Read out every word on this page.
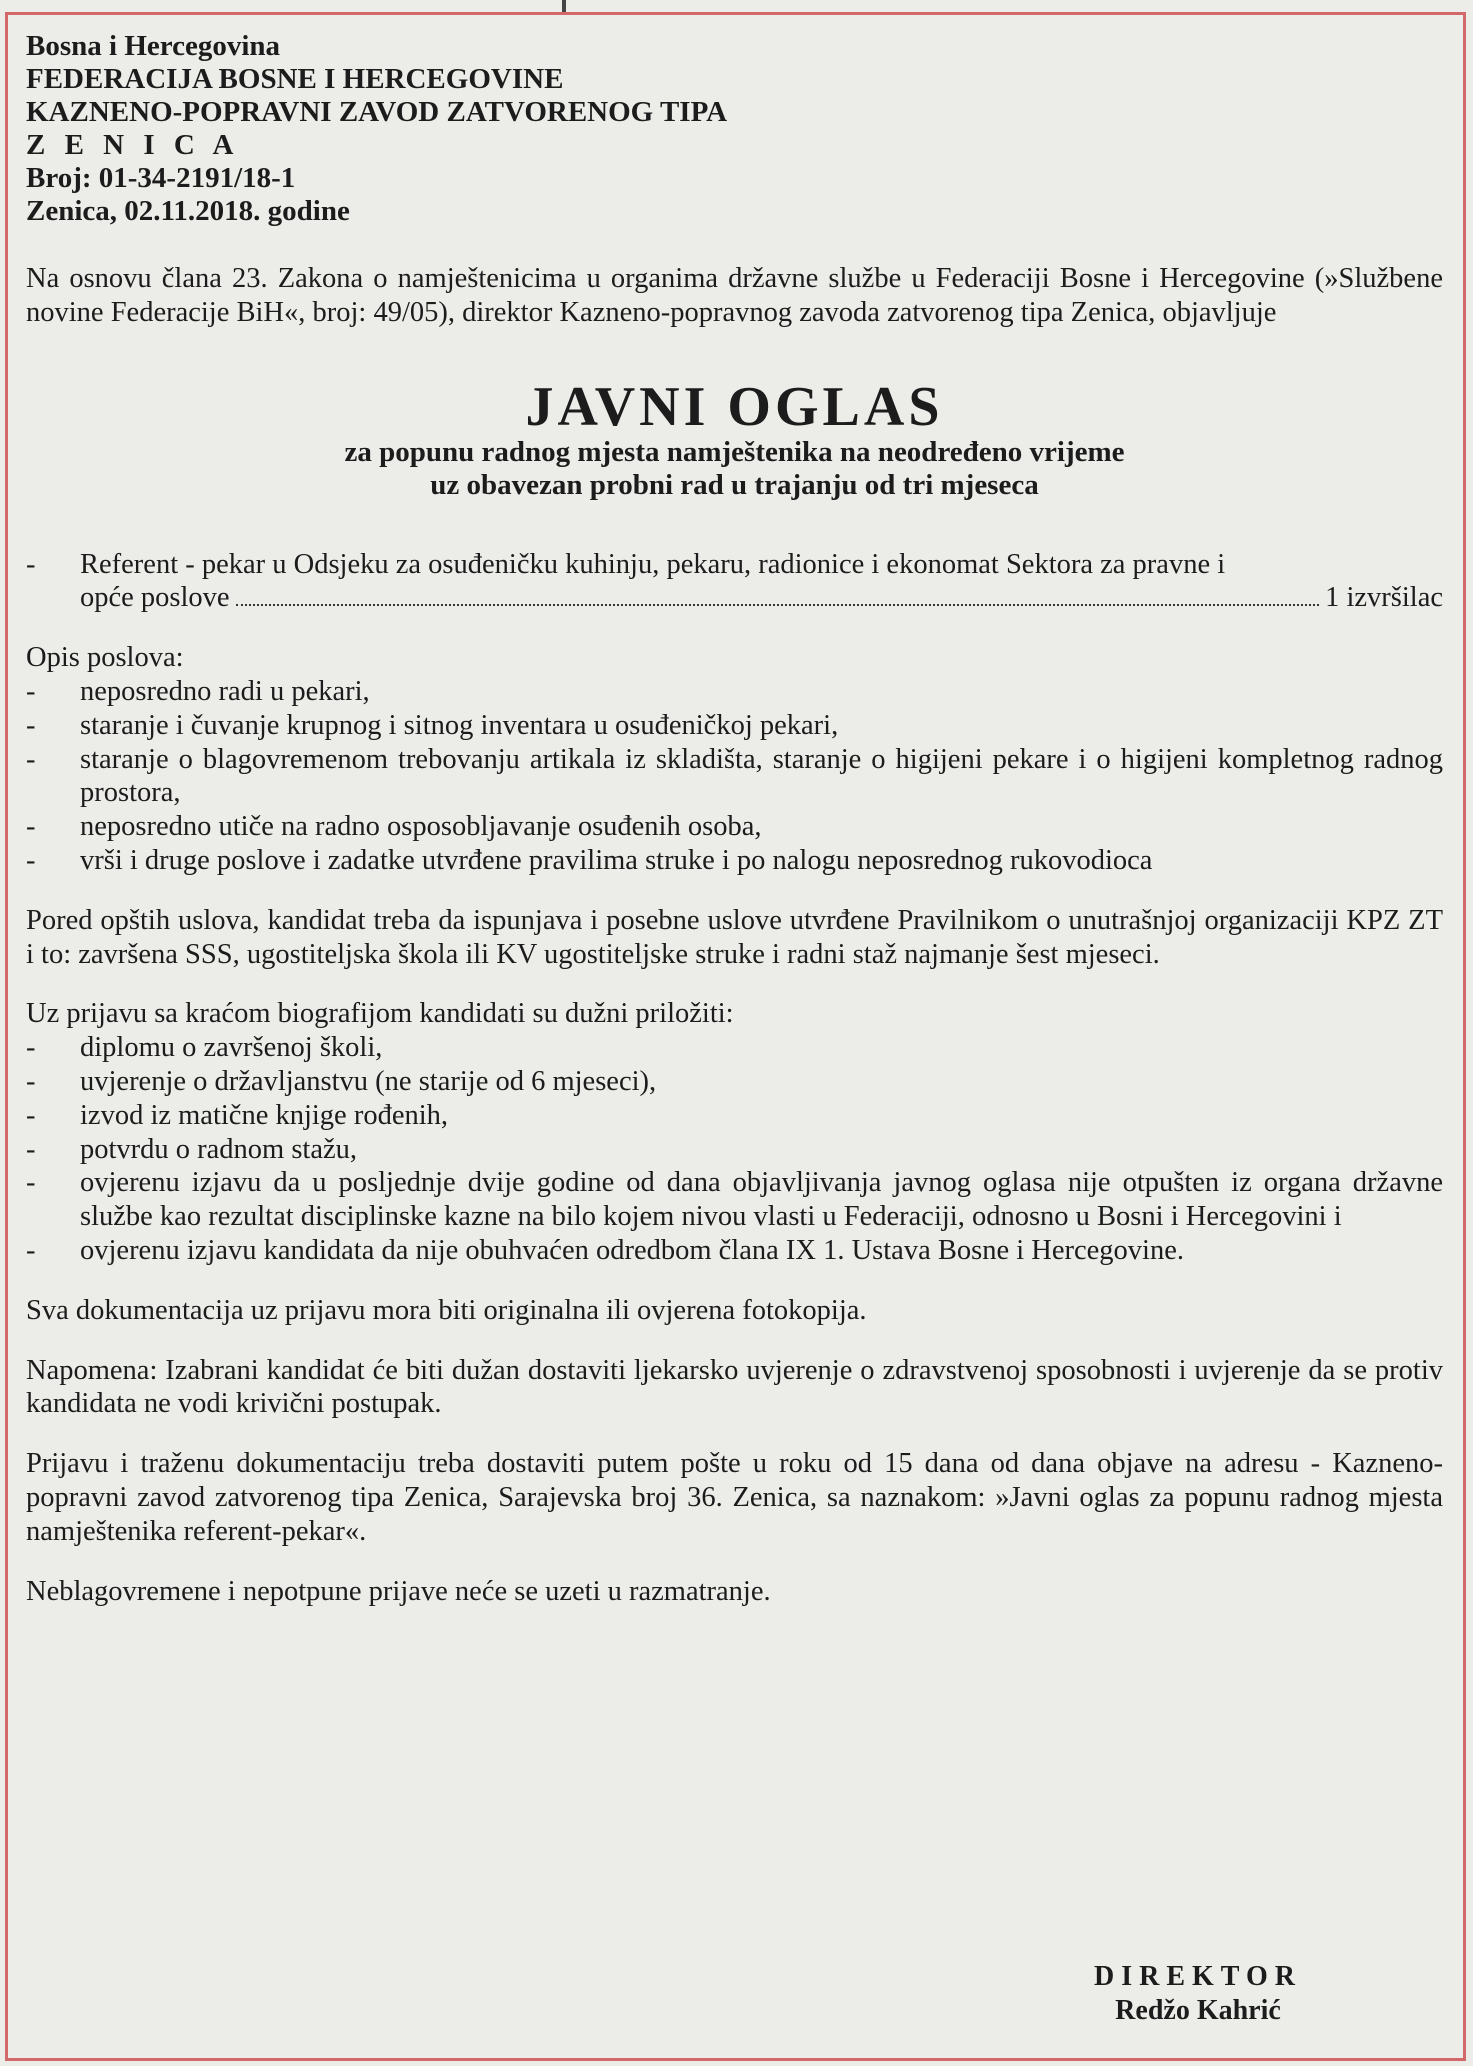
Bosna i Hercegovina
FEDERACIJA BOSNE I HERCEGOVINE
KAZNENO-POPRAVNI ZAVOD ZATVORENOG TIPA
Z E N I C A
Broj: 01-34-2191/18-1
Zenica, 02.11.2018. godine

Na osnovu člana 23. Zakona o namještenicima u organima državne službe u Federaciji Bosne i Hercegovine (»Službene novine Federacije BiH«, broj: 49/05), direktor Kazneno-popravnog zavoda zatvorenog tipa Zenica, objavljuje

JAVNI OGLAS
za popunu radnog mjesta namještenika na neodređeno vrijeme
uz obavezan probni rad u trajanju od tri mjeseca
- Referent - pekar u Odsjeku za osuđeničku kuhinju, pekaru, radionice i ekonomat Sektora za pravne i
opće poslove	1 izvršilac
Opis poslova:
- neposredno radi u pekari,
- staranje i čuvanje krupnog i sitnog inventara u osuđeničkoj pekari,
- staranje o blagovremenom trebovanju artikala iz skladišta, staranje o higijeni pekare i o higijeni kompletnog radnog prostora,
- neposredno utiče na radno osposobljavanje osuđenih osoba,
- vrši i druge poslove i zadatke utvrđene pravilima struke i po nalogu neposrednog rukovodioca

Pored opštih uslova, kandidat treba da ispunjava i posebne uslove utvrđene Pravilnikom o unutrašnjoj organizaciji KPZ ZT i to: završena SSS, ugostiteljska škola ili KV ugostiteljske struke i radni staž najmanje šest mjeseci.

Uz prijavu sa kraćom biografijom kandidati su dužni priložiti:
- diplomu o završenoj školi,
- uvjerenje o državljanstvu (ne starije od 6 mjeseci),
- izvod iz matične knjige rođenih,
- potvrdu o radnom stažu,
- ovjerenu izjavu da u posljednje dvije godine od dana objavljivanja javnog oglasa nije otpušten iz organa državne službe kao rezultat disciplinske kazne na bilo kojem nivou vlasti u Federaciji, odnosno u Bosni i Hercegovini i
- ovjerenu izjavu kandidata da nije obuhvaćen odredbom člana IX 1. Ustava Bosne i Hercegovine.

Sva dokumentacija uz prijavu mora biti originalna ili ovjerena fotokopija.

Napomena: Izabrani kandidat će biti dužan dostaviti ljekarsko uvjerenje o zdravstvenoj sposobnosti i uvjerenje da se protiv kandidata ne vodi krivični postupak.

Prijavu i traženu dokumentaciju treba dostaviti putem pošte u roku od 15 dana od dana objave na adresu - Kazneno-popravni zavod zatvorenog tipa Zenica, Sarajevska broj 36. Zenica, sa naznakom: »Javni oglas za popunu radnog mjesta namještenika referent-pekar«.

Neblagovremene i nepotpune prijave neće se uzeti u razmatranje.

DIREKTOR
Redžo Kahrić
